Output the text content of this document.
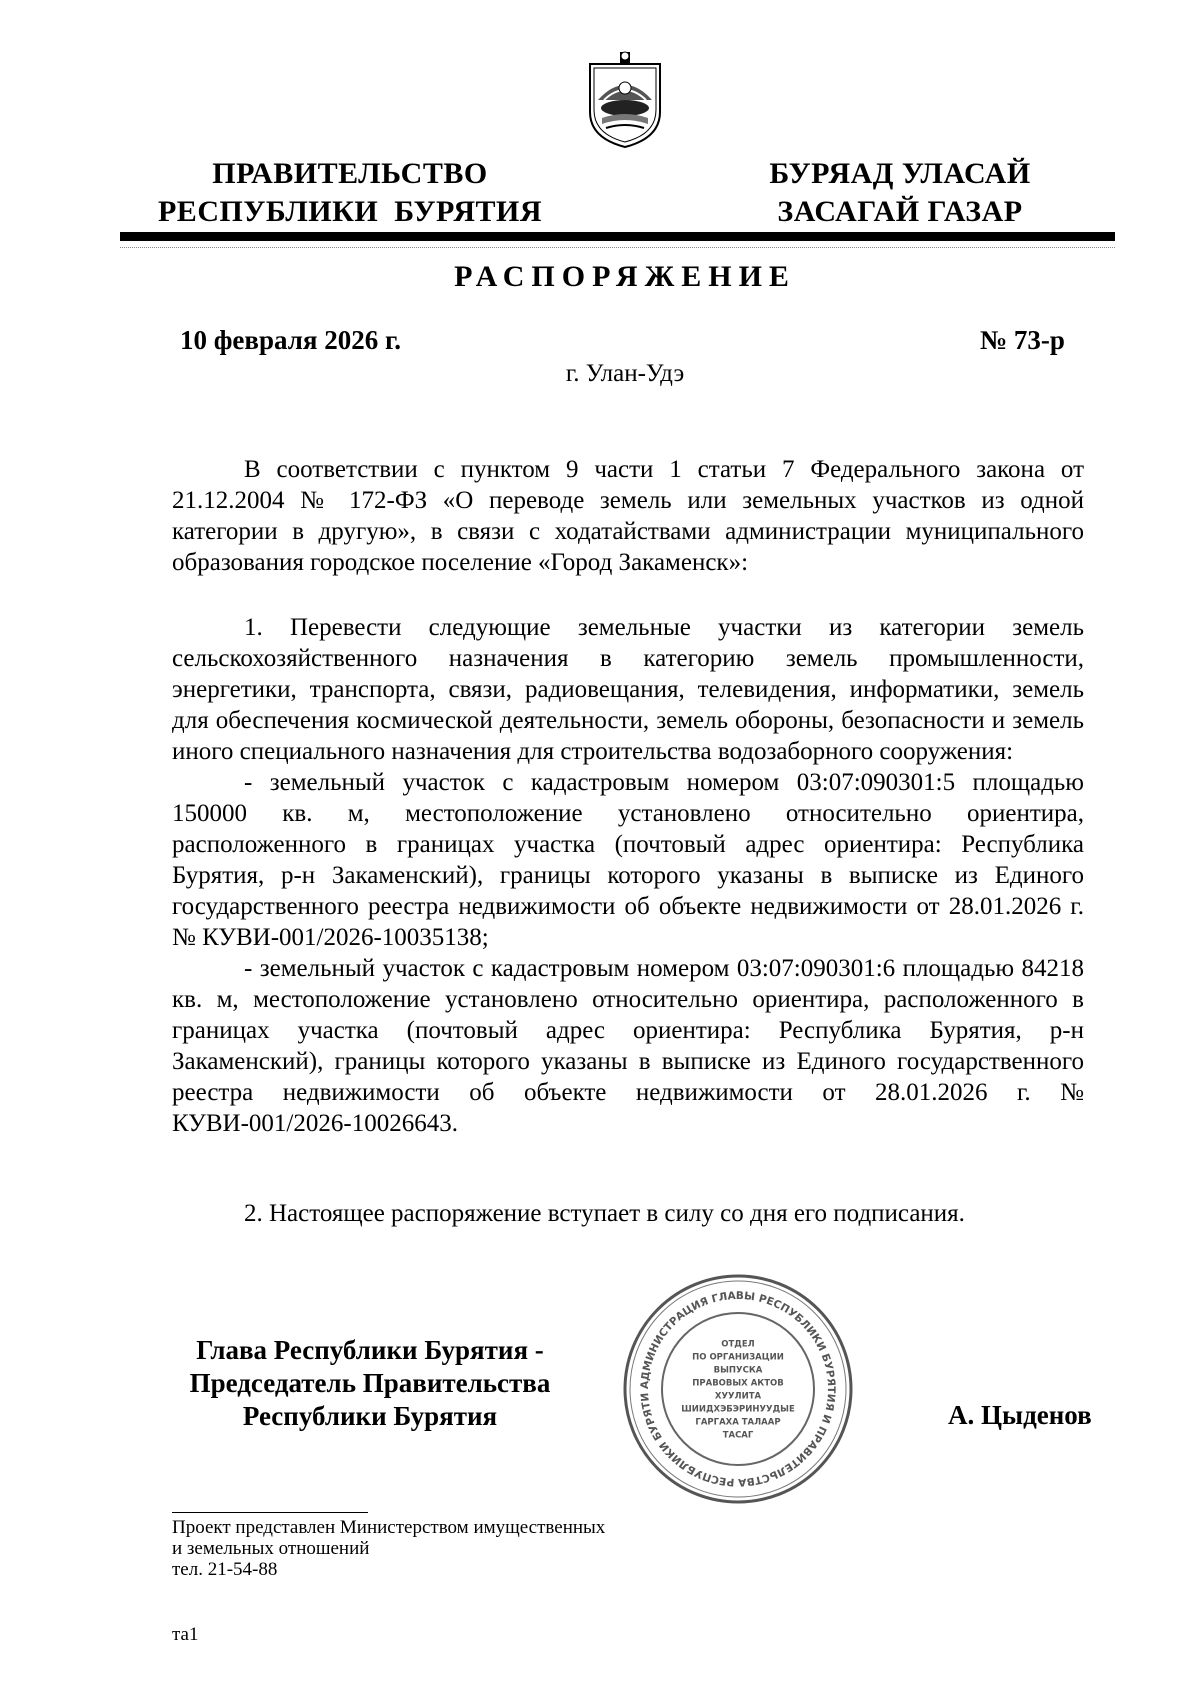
ПРАВИТЕЛЬСТВО
РЕСПУБЛИКИ  БУРЯТИЯ
БУРЯАД УЛАСАЙ
ЗАСАГАЙ ГАЗАР
РАСПОРЯЖЕНИЕ
10 февраля 2026 г.	№ 73-р
г. Улан-Удэ

В соответствии с пунктом 9 части 1 статьи 7 Федерального закона от 21.12.2004 № 172-ФЗ «О переводе земель или земельных участков из одной категории в другую», в связи с ходатайствами администрации муниципального образования городское поселение «Город Закаменск»:

1. Перевести следующие земельные участки из категории земель сельскохозяйственного назначения в категорию земель промышленности, энергетики, транспорта, связи, радиовещания, телевидения, информатики, земель для обеспечения космической деятельности, земель обороны, безопасности и земель иного специального назначения для строительства водозаборного сооружения:

- земельный участок с кадастровым номером 03:07:090301:5 площадью 150000 кв. м, местоположение установлено относительно ориентира, расположенного в границах участка (почтовый адрес ориентира: Республика Бурятия, р-н Закаменский), границы которого указаны в выписке из Единого государственного реестра недвижимости об объекте недвижимости от 28.01.2026 г. № КУВИ-001/2026-10035138;

- земельный участок с кадастровым номером 03:07:090301:6 площадью 84218 кв. м, местоположение установлено относительно ориентира, расположенного в границах участка (почтовый адрес ориентира: Республика Бурятия, р-н Закаменский), границы которого указаны в выписке из Единого государственного реестра недвижимости об объекте недвижимости от 28.01.2026 г. № КУВИ-001/2026-10026643.

2. Настоящее распоряжение вступает в силу со дня его подписания.

Глава Республики Бурятия -
Председатель Правительства
Республики Бурятия
АДМИНИСТРАЦИЯ ГЛАВЫ РЕСПУБЛИКИ БУРЯТИЯ И ПРАВИТЕЛЬСТВА РЕСПУБЛИКИ БУРЯТИ
ОТДЕЛ
ПО ОРГАНИЗАЦИИ
ВЫПУСКА
ПРАВОВЫХ АКТОВ
ХУУЛИТА
ШИИДХЭБЭРИНУУДЫЕ
ГАРГАХА ТАЛААР
ТАСАГ
А. Цыденов
Проект представлен Министерством имущественных
и земельных отношений
тел. 21-54-88
та1
